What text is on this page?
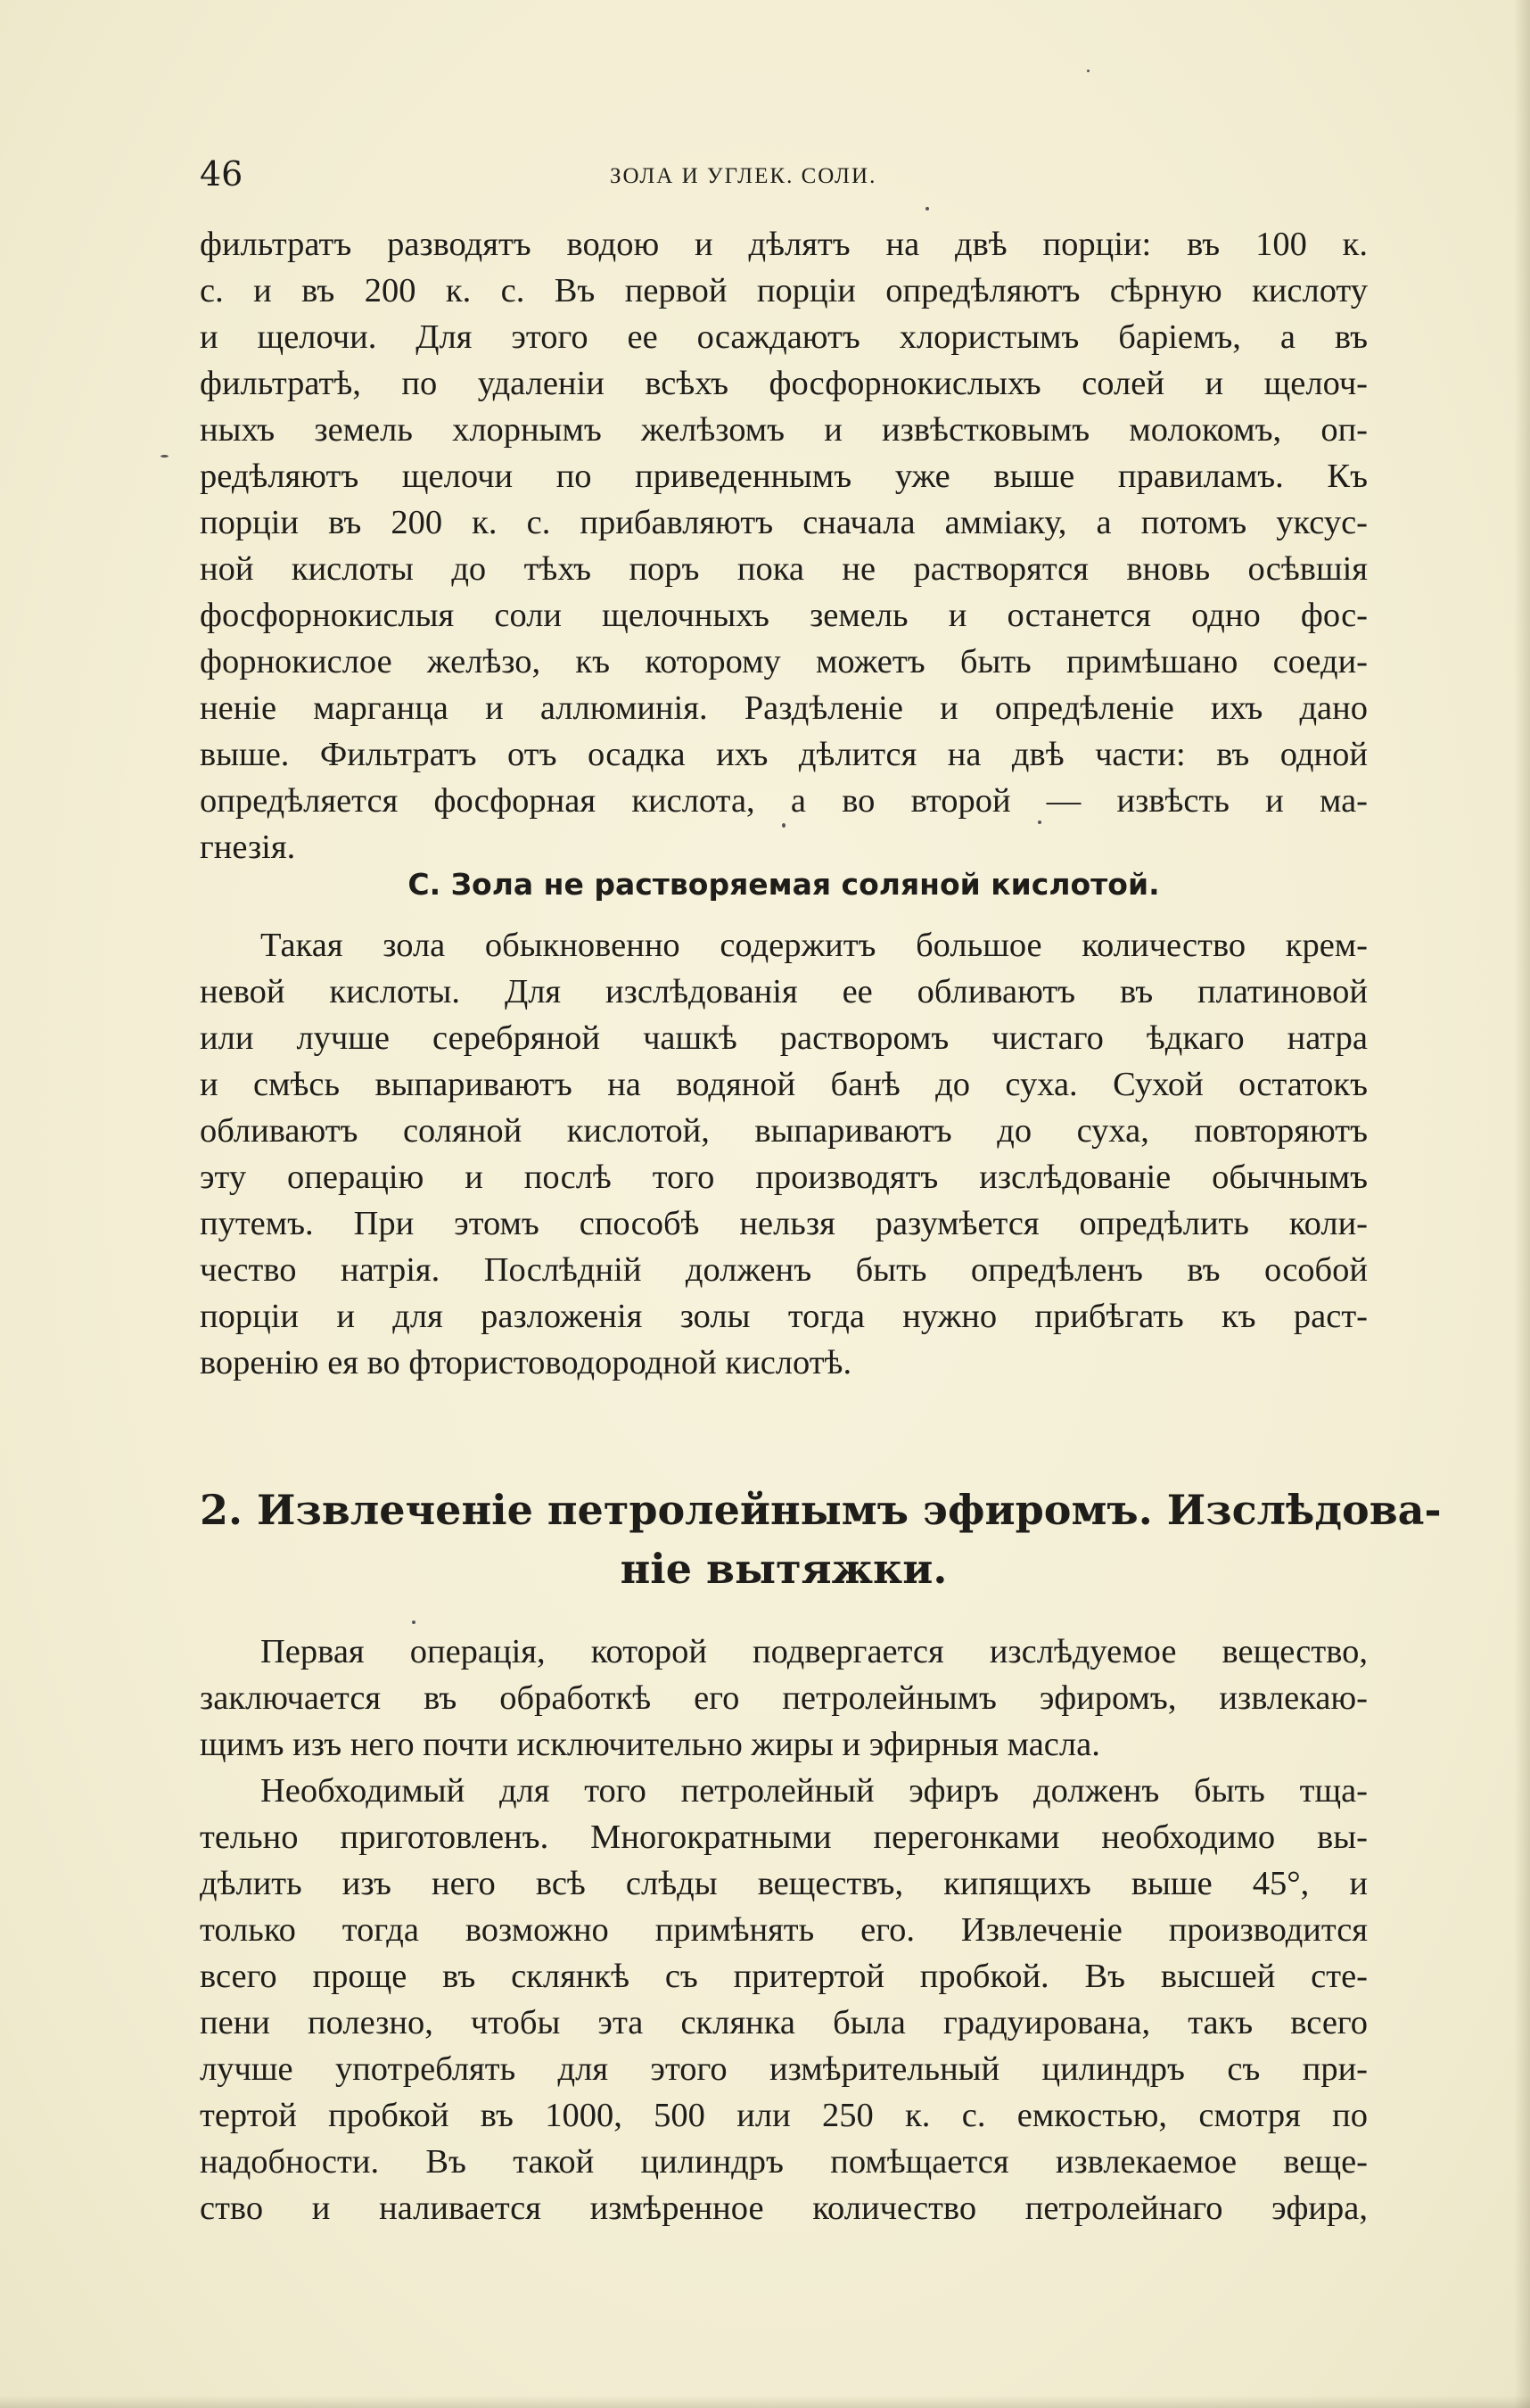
46	ЗОЛА И УГЛЕК. СОЛИ.
фильтратъ разводятъ водою и дѣлятъ на двѣ порціи: въ 100 к.
с. и въ 200 к. с. Въ первой порціи опредѣляютъ сѣрную кислоту
и щелочи. Для этого ее осаждаютъ хлористымъ баріемъ, а въ
фильтратѣ, по удаленіи всѣхъ фосфорнокислыхъ солей и щелоч-
ныхъ земель хлорнымъ желѣзомъ и извѣстковымъ молокомъ, оп-
редѣляютъ щелочи по приведеннымъ уже выше правиламъ. Къ
порціи въ 200 к. с. прибавляютъ сначала амміаку, а потомъ уксус-
ной кислоты до тѣхъ поръ пока не растворятся вновь осѣвшія
фосфорнокислыя соли щелочныхъ земель и останется одно фос-
форнокислое желѣзо, къ которому можетъ быть примѣшано соеди-
неніе марганца и аллюминія. Раздѣленіе и опредѣленіе ихъ дано
выше. Фильтратъ отъ осадка ихъ дѣлится на двѣ части: въ одной
опредѣляется фосфорная кислота, а во второй — извѣсть и ма-
гнезія.
С. Зола не растворяемая соляной кислотой.
Такая зола обыкновенно содержитъ большое количество крем-
невой кислоты. Для изслѣдованія ее обливаютъ въ платиновой
или лучше серебряной чашкѣ растворомъ чистаго ѣдкаго натра
и смѣсь выпариваютъ на водяной банѣ до суха. Сухой остатокъ
обливаютъ соляной кислотой, выпариваютъ до суха, повторяютъ
эту операцію и послѣ того производятъ изслѣдованіе обычнымъ
путемъ. При этомъ способѣ нельзя разумѣется опредѣлить коли-
чество натрія. Послѣдній долженъ быть опредѣленъ въ особой
порціи и для разложенія золы тогда нужно прибѣгать къ раст-
воренію ея во фтористоводородной кислотѣ.
2. Извлеченіе петролейнымъ эфиромъ. Изслѣдова-
ніе вытяжки.
Первая операція, которой подвергается изслѣдуемое вещество,
заключается въ обработкѣ его петролейнымъ эфиромъ, извлекаю-
щимъ изъ него почти исключительно жиры и эфирныя масла.
Необходимый для того петролейный эфиръ долженъ быть тща-
тельно приготовленъ. Многократными перегонками необходимо вы-
дѣлить изъ него всѣ слѣды веществъ, кипящихъ выше 45°, и
только тогда возможно примѣнять его. Извлеченіе производится
всего проще въ склянкѣ съ притертой пробкой. Въ высшей сте-
пени полезно, чтобы эта склянка была градуирована, такъ всего
лучше употреблять для этого измѣрительный цилиндръ съ при-
тертой пробкой въ 1000, 500 или 250 к. с. емкостью, смотря по
надобности. Въ такой цилиндръ помѣщается извлекаемое веще-
ство и наливается измѣренное количество петролейнаго эфира,
